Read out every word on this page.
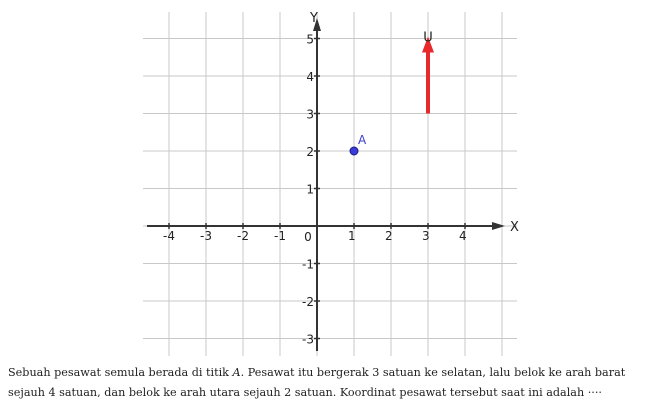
X
Y
-4 -3 -2 -1	1 2 3 4
5
4
3
2
1
-1
-2
-3
0
A
U
Sebuah pesawat semula berada di titik A. Pesawat itu bergerak 3 satuan ke selatan, lalu belok ke arah barat sejauh 4 satuan, dan belok ke arah utara sejauh 2 satuan. Koordinat pesawat tersebut saat ini adalah ····
